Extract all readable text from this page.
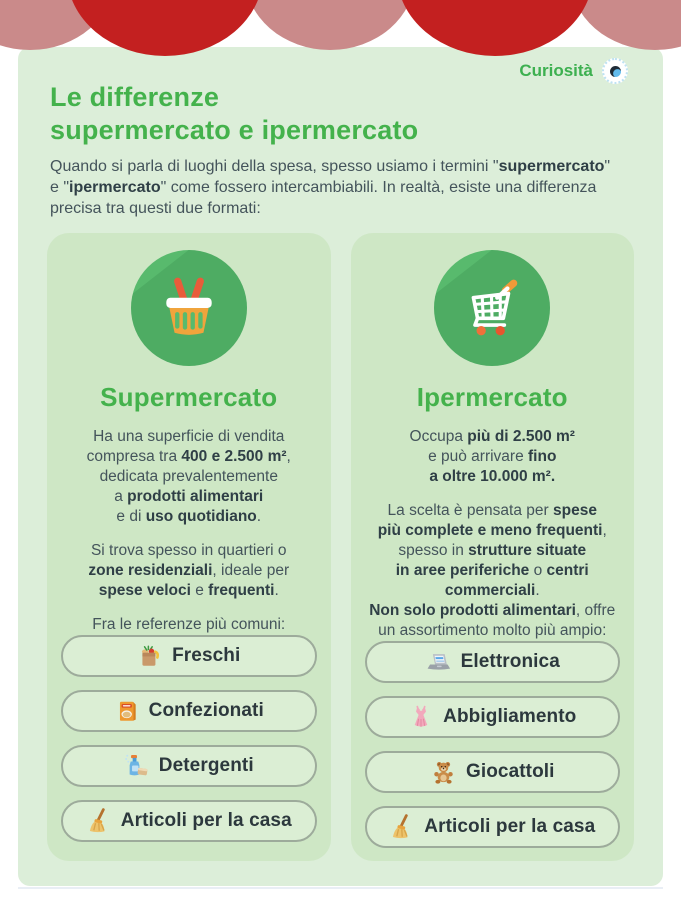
Curiosità
Le differenze
supermercato e ipermercato

Quando si parla di luoghi della spesa, spesso usiamo i termini "supermercato"
e "ipermercato" come fossero intercambiabili. In realtà, esiste una differenza
precisa tra questi due formati:

Supermercato

Ha una superficie di vendita
compresa tra 400 e 2.500 m²,
dedicata prevalentemente
a prodotti alimentari
e di uso quotidiano.

Si trova spesso in quartieri o
zone residenziali, ideale per
spese veloci e frequenti.

Fra le referenze più comuni:

Freschi
Confezionati
Detergenti
Articoli per la casa
Ipermercato

Occupa più di 2.500 m²
e può arrivare fino
a oltre 10.000 m².

La scelta è pensata per spese
più complete e meno frequenti,
spesso in strutture situate
in aree periferiche o centri
commerciali.
Non solo prodotti alimentari, offre
un assortimento molto più ampio:

Elettronica
Abbigliamento
Giocattoli
Articoli per la casa
